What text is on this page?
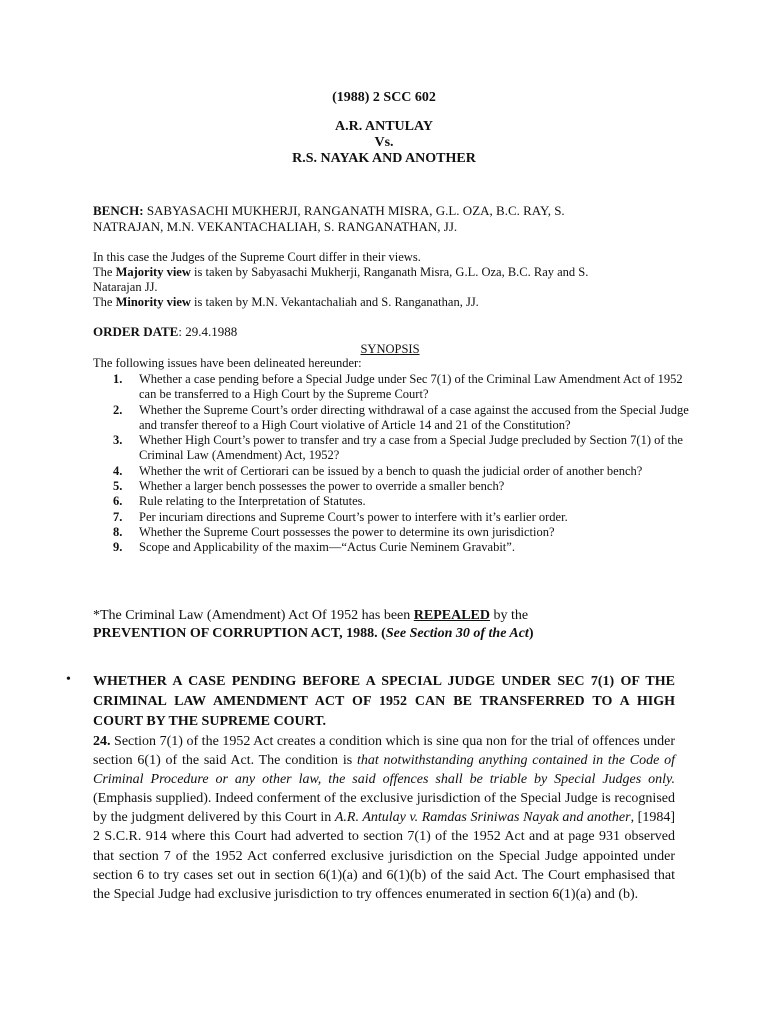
(1988) 2 SCC 602
A.R. ANTULAY
Vs.
R.S. NAYAK AND ANOTHER
BENCH: SABYASACHI MUKHERJI, RANGANATH MISRA, G.L. OZA, B.C. RAY, S.
NATRAJAN, M.N. VEKANTACHALIAH, S. RANGANATHAN, JJ.
In this case the Judges of the Supreme Court differ in their views.
The Majority view is taken by Sabyasachi Mukherji, Ranganath Misra, G.L. Oza, B.C. Ray and S.
Natarajan JJ.
The Minority view is taken by M.N. Vekantachaliah and S. Ranganathan, JJ.
ORDER DATE: 29.4.1988
SYNOPSIS
The following issues have been delineated hereunder:
1. Whether a case pending before a Special Judge under Sec 7(1) of the Criminal Law Amendment Act of 1952 can be transferred to a High Court by the Supreme Court?
2. Whether the Supreme Court’s order directing withdrawal of a case against the accused from the Special Judge and transfer thereof to a High Court violative of Article 14 and 21 of the Constitution?
3. Whether High Court’s power to transfer and try a case from a Special Judge precluded by Section 7(1) of the Criminal Law (Amendment) Act, 1952?
4. Whether the writ of Certiorari can be issued by a bench to quash the judicial order of another bench?
5. Whether a larger bench possesses the power to override a smaller bench?
6. Rule relating to the Interpretation of Statutes.
7. Per incuriam directions and Supreme Court’s power to interfere with it’s earlier order.
8. Whether the Supreme Court possesses the power to determine its own jurisdiction?
9. Scope and Applicability of the maxim—“Actus Curie Neminem Gravabit”.
*The Criminal Law (Amendment) Act Of 1952 has been REPEALED by the
PREVENTION OF CORRUPTION ACT, 1988. (See Section 30 of the Act)
• WHETHER A CASE PENDING BEFORE A SPECIAL JUDGE UNDER SEC 7(1) OF THE CRIMINAL LAW AMENDMENT ACT OF 1952 CAN BE TRANSFERRED TO A HIGH COURT BY THE SUPREME COURT.
24. Section 7(1) of the 1952 Act creates a condition which is sine qua non for the trial of offences under section 6(1) of the said Act. The condition is that notwithstanding anything contained in the Code of Criminal Procedure or any other law, the said offences shall be triable by Special Judges only. (Emphasis supplied). Indeed conferment of the exclusive jurisdiction of the Special Judge is recognised by the judgment delivered by this Court in A.R. Antulay v. Ramdas Sriniwas Nayak and another, [1984] 2 S.C.R. 914 where this Court had adverted to section 7(1) of the 1952 Act and at page 931 observed that section 7 of the 1952 Act conferred exclusive jurisdiction on the Special Judge appointed under section 6 to try cases set out in section 6(1)(a) and 6(1)(b) of the said Act. The Court emphasised that the Special Judge had exclusive jurisdiction to try offences enumerated in section 6(1)(a) and (b).
